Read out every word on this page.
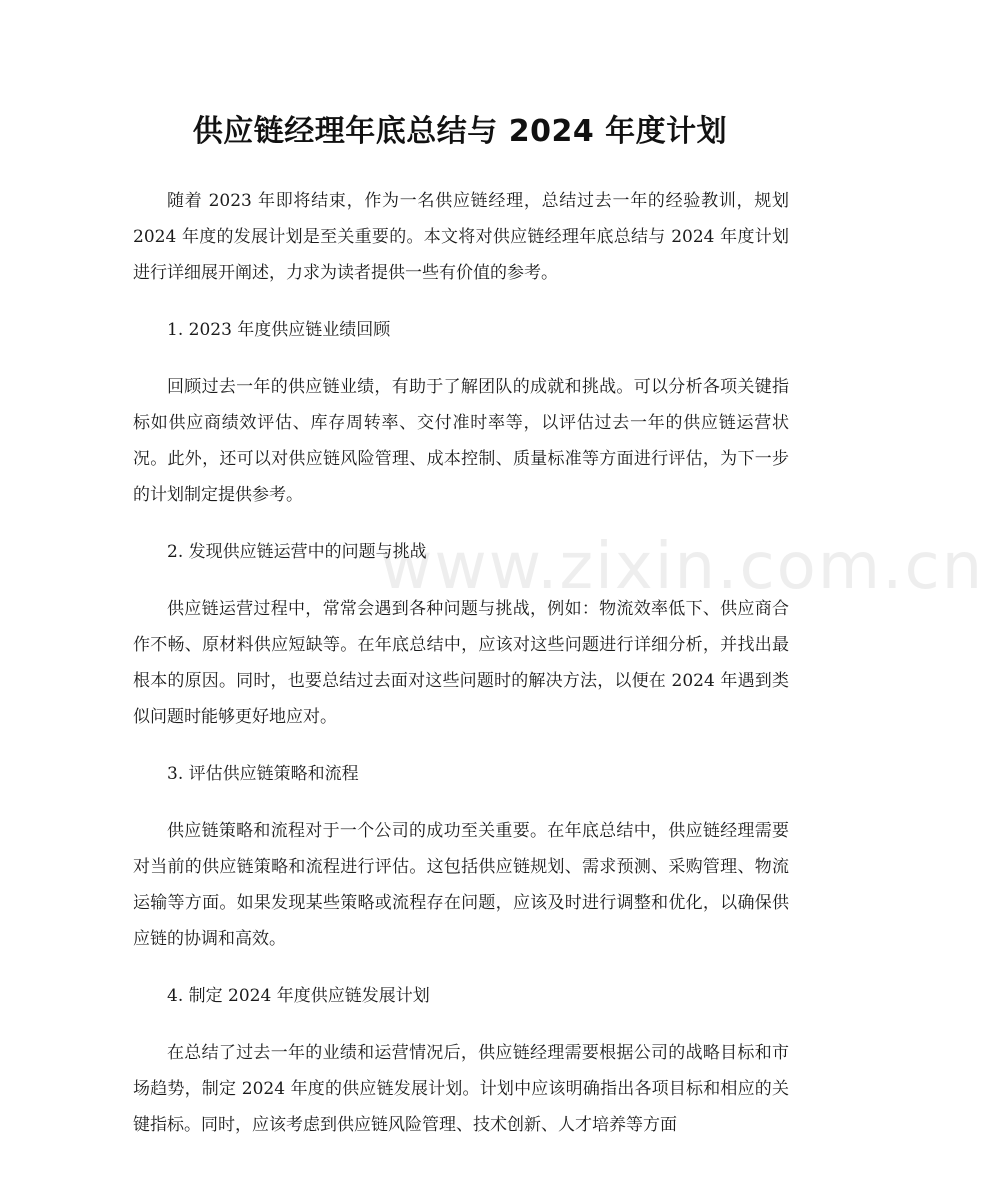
www.zixin.com.cn
供应链经理年底总结与 2024 年度计划

随着 2023 年即将结束，作为一名供应链经理，总结过去一年的经验教训，规划 2024 年度的发展计划是至关重要的。本文将对供应链经理年底总结与 2024 年度计划进行详细展开阐述，力求为读者提供一些有价值的参考。

1. 2023 年度供应链业绩回顾

回顾过去一年的供应链业绩，有助于了解团队的成就和挑战。可以分析各项关键指标如供应商绩效评估、库存周转率、交付准时率等，以评估过去一年的供应链运营状况。此外，还可以对供应链风险管理、成本控制、质量标准等方面进行评估，为下一步的计划制定提供参考。

2. 发现供应链运营中的问题与挑战

供应链运营过程中，常常会遇到各种问题与挑战，例如：物流效率低下、供应商合作不畅、原材料供应短缺等。在年底总结中，应该对这些问题进行详细分析，并找出最根本的原因。同时，也要总结过去面对这些问题时的解决方法，以便在 2024 年遇到类似问题时能够更好地应对。

3. 评估供应链策略和流程

供应链策略和流程对于一个公司的成功至关重要。在年底总结中，供应链经理需要对当前的供应链策略和流程进行评估。这包括供应链规划、需求预测、采购管理、物流运输等方面。如果发现某些策略或流程存在问题，应该及时进行调整和优化，以确保供应链的协调和高效。

4. 制定 2024 年度供应链发展计划

在总结了过去一年的业绩和运营情况后，供应链经理需要根据公司的战略目标和市场趋势，制定 2024 年度的供应链发展计划。计划中应该明确指出各项目标和相应的关键指标。同时，应该考虑到供应链风险管理、技术创新、人才培养等方面
